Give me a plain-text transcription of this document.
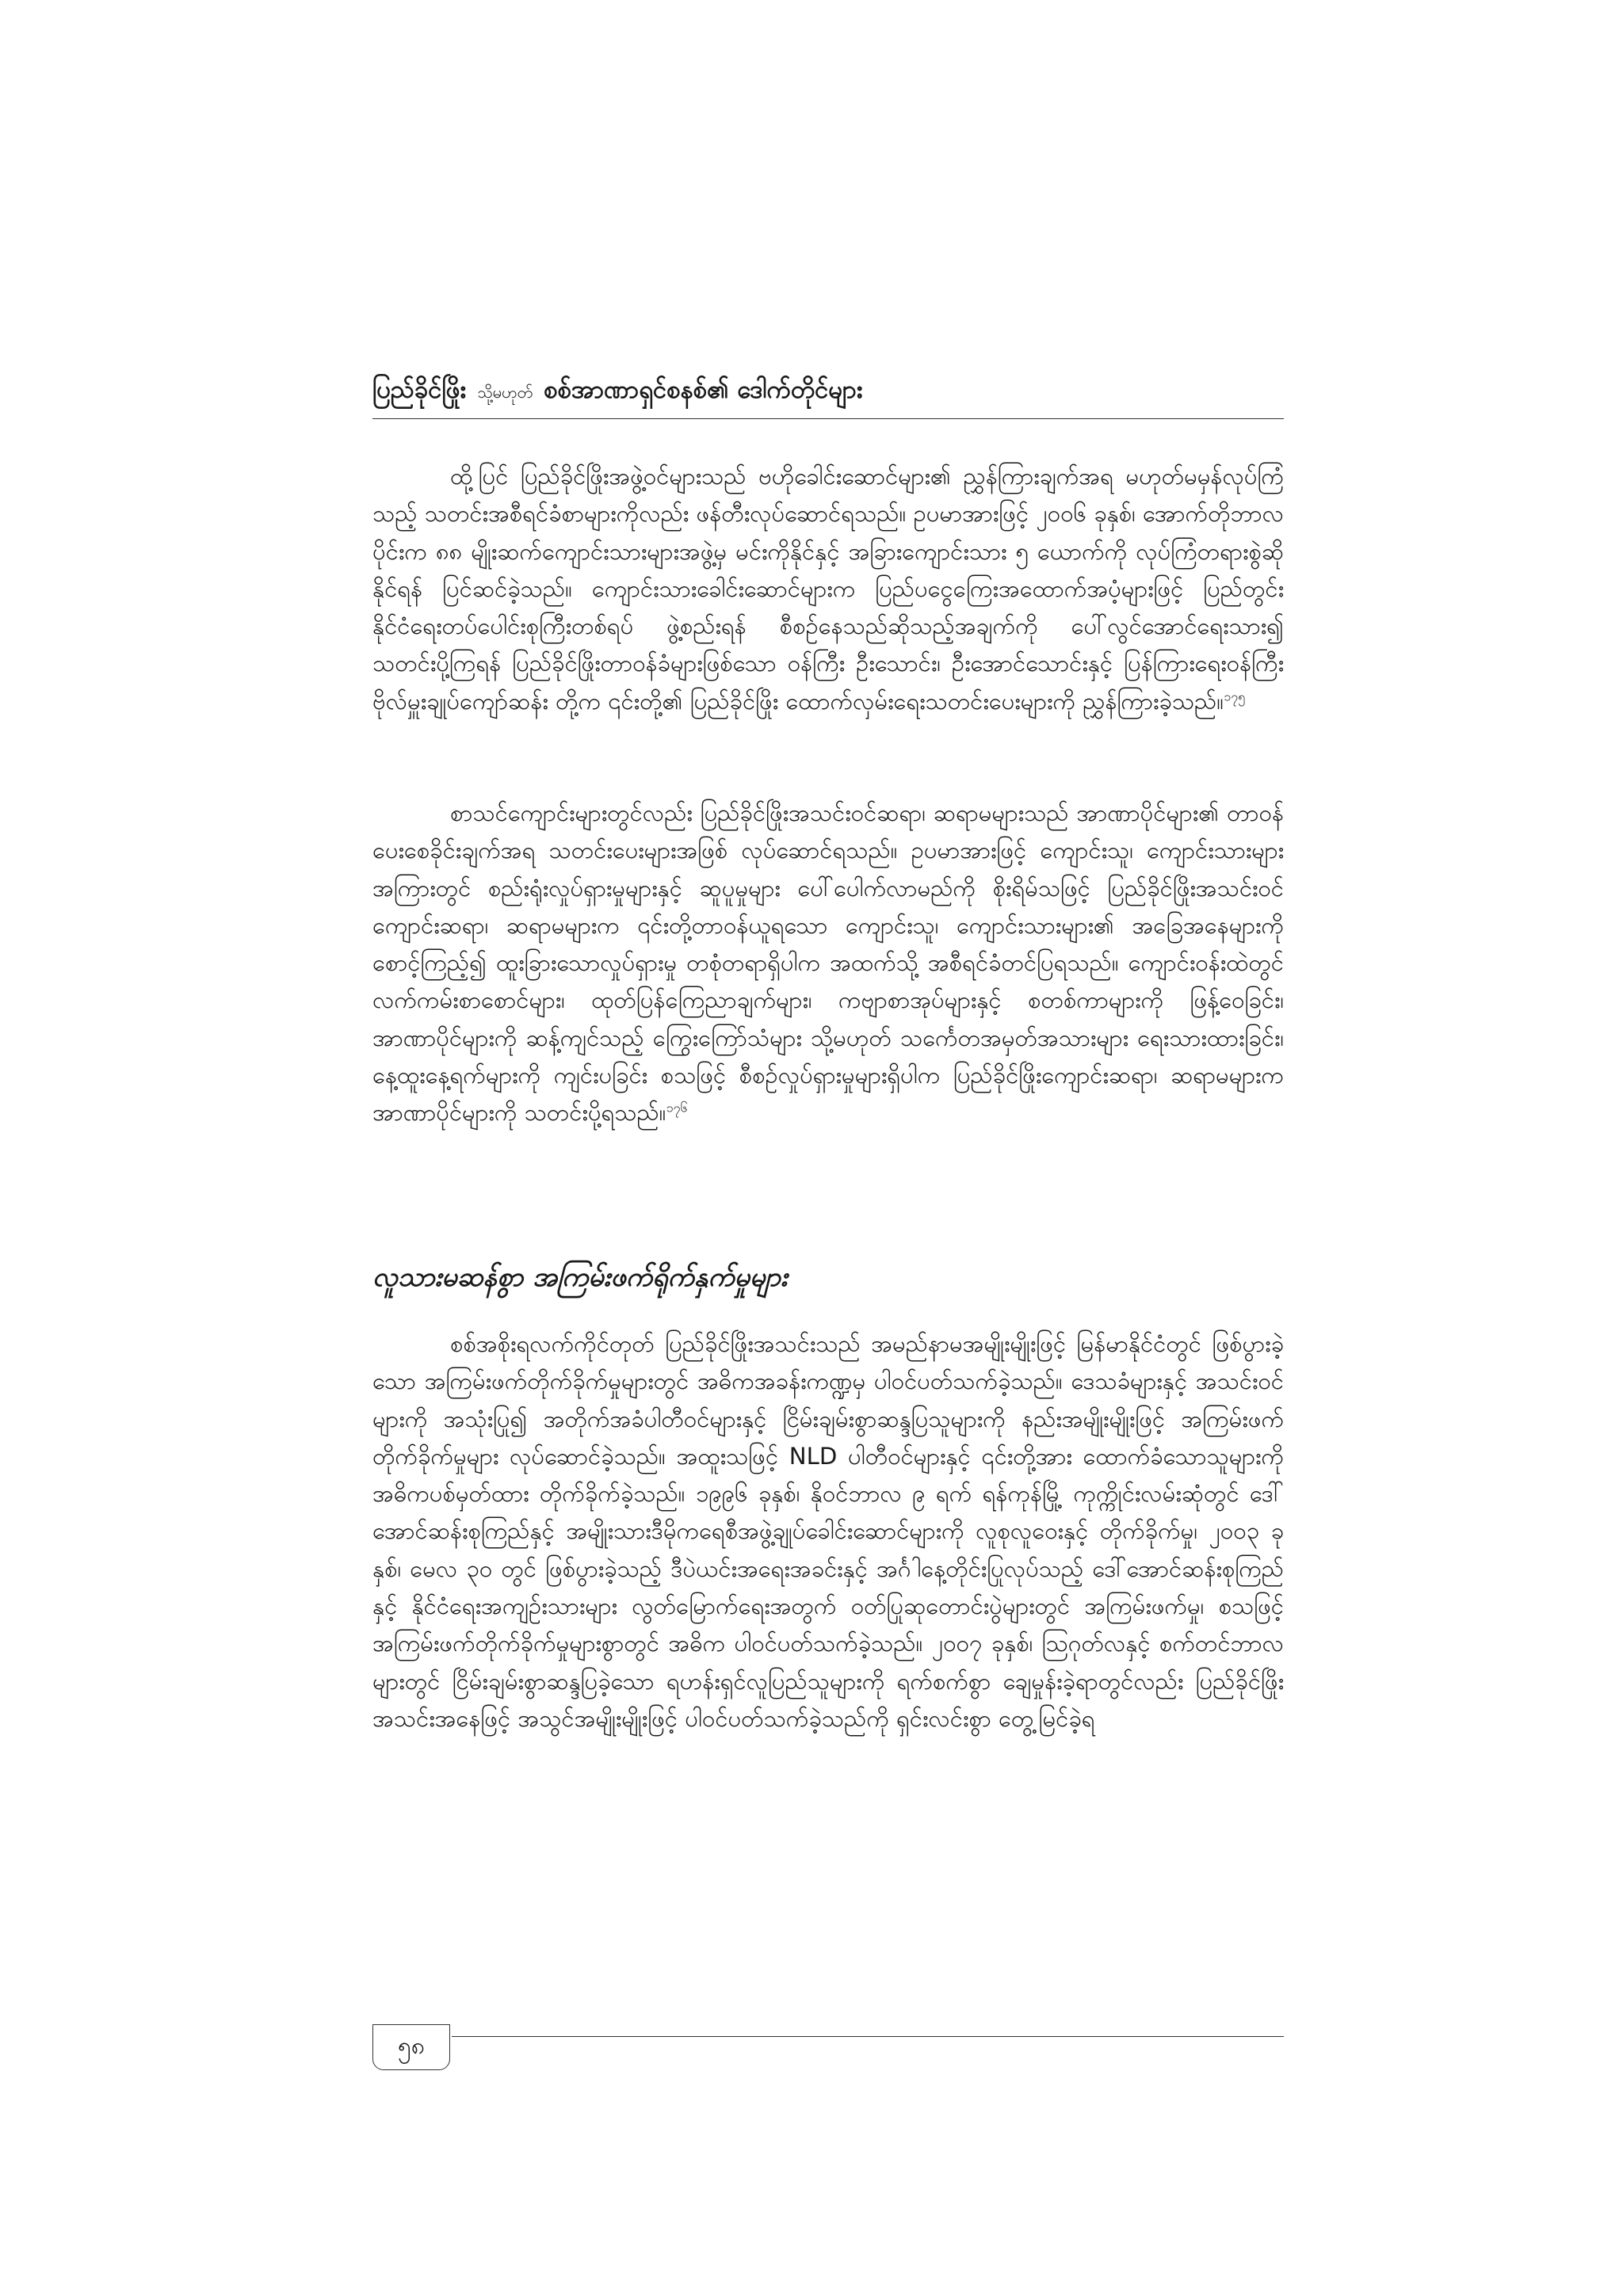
ပြည်ခိုင်ဖြိုး သို့မဟုတ် စစ်အာဏာရှင်စနစ်၏ ဒေါက်တိုင်များ

ထို့ပြင် ပြည်ခိုင်ဖြိုးအဖွဲ့ဝင်များသည် ဗဟိုခေါင်းဆောင်များ၏ ညွှန်ကြားချက်အရ မဟုတ်မမှန်လုပ်ကြံသည့် သတင်းအစီရင်ခံစာများကိုလည်း ဖန်တီးလုပ်ဆောင်ရသည်။ ဥပမာအားဖြင့် ၂၀၀၆ ခုနှစ်၊ အောက်တိုဘာလပိုင်းက ၈၈ မျိုးဆက်ကျောင်းသားများအဖွဲ့မှ မင်းကိုနိုင်နှင့် အခြားကျောင်းသား ၅ ယောက်ကို လုပ်ကြံတရားစွဲဆိုနိုင်ရန် ပြင်ဆင်ခဲ့သည်။ ကျောင်းသားခေါင်းဆောင်များက ပြည်ပငွေကြေးအထောက်အပံ့များဖြင့် ပြည်တွင်းနိုင်ငံရေးတပ်ပေါင်းစုကြီးတစ်ရပ် ဖွဲ့စည်းရန် စီစဉ်နေသည်ဆိုသည့်အချက်ကို ပေါ်လွင်အောင်ရေးသား၍ သတင်းပို့ကြရန် ပြည်ခိုင်ဖြိုးတာဝန်ခံများဖြစ်သော ဝန်ကြီး ဦးသောင်း၊ ဦးအောင်သောင်းနှင့် ပြန်ကြားရေးဝန်ကြီး ဗိုလ်မှူးချုပ်ကျော်ဆန်း တို့က ၎င်းတို့၏ ပြည်ခိုင်ဖြိုး ထောက်လှမ်းရေးသတင်းပေးများကို ညွှန်ကြားခဲ့သည်။$^{၁၇၅}$

စာသင်ကျောင်းများတွင်လည်း ပြည်ခိုင်ဖြိုးအသင်းဝင်ဆရာ၊ ဆရာမများသည် အာဏာပိုင်များ၏ တာဝန်ပေးစေခိုင်းချက်အရ သတင်းပေးများအဖြစ် လုပ်ဆောင်ရသည်။ ဥပမာအားဖြင့် ကျောင်းသူ၊ ကျောင်းသားများအကြားတွင် စည်းရုံးလှုပ်ရှားမှုများနှင့် ဆူပူမှုများ ပေါ်ပေါက်လာမည်ကို စိုးရိမ်သဖြင့် ပြည်ခိုင်ဖြိုးအသင်းဝင် ကျောင်းဆရာ၊ ဆရာမများက ၎င်းတို့တာဝန်ယူရသော ကျောင်းသူ၊ ကျောင်းသားများ၏ အခြေအနေများကို စောင့်ကြည့်၍ ထူးခြားသောလှုပ်ရှားမှု တစုံတရာရှိပါက အထက်သို့ အစီရင်ခံတင်ပြရသည်။ ကျောင်းဝန်းထဲတွင် လက်ကမ်းစာစောင်များ၊ ထုတ်ပြန်ကြေညာချက်များ၊ ကဗျာစာအုပ်များနှင့် စတစ်ကာများကို ဖြန့်ဝေခြင်း၊ အာဏာပိုင်များကို ဆန့်ကျင်သည့် ကြွေးကြော်သံများ သို့မဟုတ် သင်္ကေတအမှတ်အသားများ ရေးသားထားခြင်း၊ နေ့ထူးနေ့ရက်များကို ကျင်းပခြင်း စသဖြင့် စီစဉ်လှုပ်ရှားမှုများရှိပါက ပြည်ခိုင်ဖြိုးကျောင်းဆရာ၊ ဆရာမများက အာဏာပိုင်များကို သတင်းပို့ရသည်။$^{၁၇၆}$

လူသားမဆန်စွာ အကြမ်းဖက်ရိုက်နှက်မှုများ

စစ်အစိုးရလက်ကိုင်တုတ် ပြည်ခိုင်ဖြိုးအသင်းသည် အမည်နာမအမျိုးမျိုးဖြင့် မြန်မာနိုင်ငံတွင် ဖြစ်ပွားခဲ့သော အကြမ်းဖက်တိုက်ခိုက်မှုများတွင် အဓိကအခန်းကဏ္ဍမှ ပါဝင်ပတ်သက်ခဲ့သည်။ ဒေသခံများနှင့် အသင်းဝင်များကို အသုံးပြု၍ အတိုက်အခံပါတီဝင်များနှင့် ငြိမ်းချမ်းစွာဆန္ဒပြသူများကို နည်းအမျိုးမျိုးဖြင့် အကြမ်းဖက်တိုက်ခိုက်မှုများ လုပ်ဆောင်ခဲ့သည်။ အထူးသဖြင့် NLD ပါတီဝင်များနှင့် ၎င်းတို့အား ထောက်ခံသောသူများကို အဓိကပစ်မှတ်ထား တိုက်ခိုက်ခဲ့သည်။ ၁၉၉၆ ခုနှစ်၊ နိုဝင်ဘာလ ၉ ရက် ရန်ကုန်မြို့ ကုက္ကိုင်းလမ်းဆုံတွင် ဒေါ်အောင်ဆန်းစုကြည်နှင့် အမျိုးသားဒီမိုကရေစီအဖွဲ့ချုပ်ခေါင်းဆောင်များကို လူစုလူဝေးနှင့် တိုက်ခိုက်မှု၊ ၂၀၀၃ ခုနှစ်၊ မေလ ၃၀ တွင် ဖြစ်ပွားခဲ့သည့် ဒီပဲယင်းအရေးအခင်းနှင့် အင်္ဂါနေ့တိုင်းပြုလုပ်သည့် ဒေါ်အောင်ဆန်းစုကြည်နှင့် နိုင်ငံရေးအကျဉ်းသားများ လွတ်မြောက်ရေးအတွက် ဝတ်ပြုဆုတောင်းပွဲများတွင် အကြမ်းဖက်မှု၊ စသဖြင့် အကြမ်းဖက်တိုက်ခိုက်မှုများစွာတွင် အဓိက ပါဝင်ပတ်သက်ခဲ့သည်။ ၂၀၀၇ ခုနှစ်၊ ဩဂုတ်လနှင့် စက်တင်ဘာလများတွင် ငြိမ်းချမ်းစွာဆန္ဒပြခဲ့သော ရဟန်းရှင်လူပြည်သူများကို ရက်စက်စွာ ချေမှုန်းခဲ့ရာတွင်လည်း ပြည်ခိုင်ဖြိုးအသင်းအနေဖြင့် အသွင်အမျိုးမျိုးဖြင့် ပါဝင်ပတ်သက်ခဲ့သည်ကို ရှင်းလင်းစွာ တွေ့မြင်ခဲ့ရ

၅၈
